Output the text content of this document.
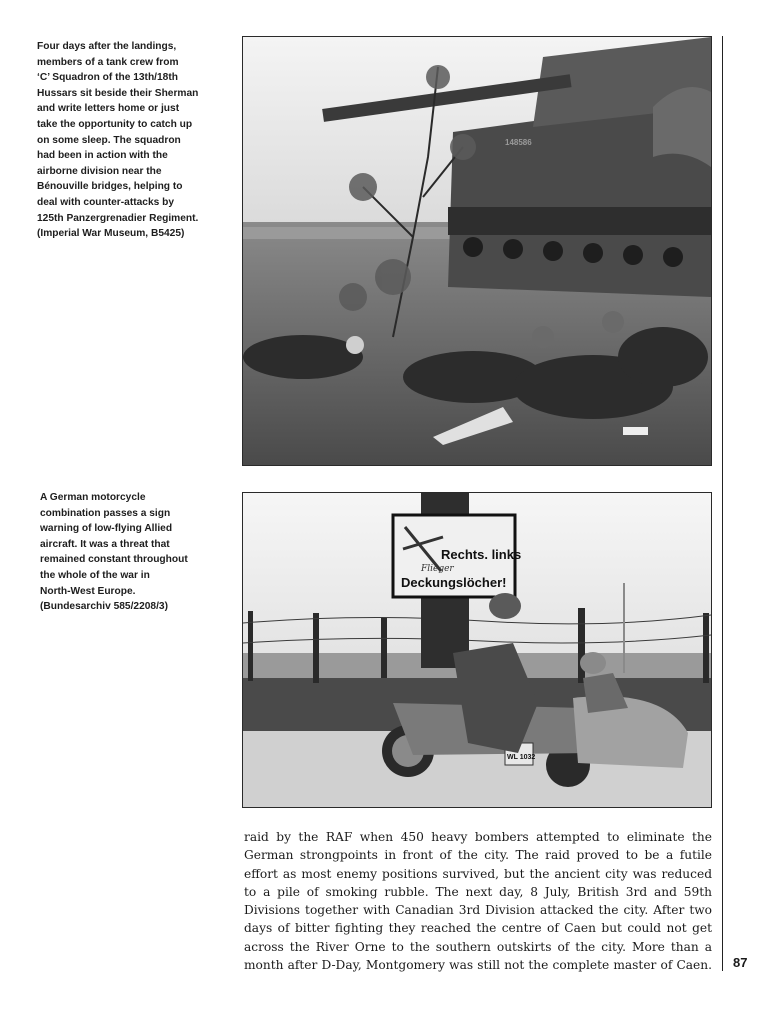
Four days after the landings,
members of a tank crew from
‘C’ Squadron of the 13th/18th
Hussars sit beside their Sherman
and write letters home or just
take the opportunity to catch up
on some sleep. The squadron
had been in action with the
airborne division near the
Bénouville bridges, helping to
deal with counter-attacks by
125th Panzergrenadier Regiment.
(Imperial War Museum, B5425)
148586
A German motorcycle
combination passes a sign
warning of low-flying Allied
aircraft. It was a threat that
remained constant throughout
the whole of the war in
North-West Europe.
(Bundesarchiv 585/2208/3)
Rechts. links
Flieger
Deckungslöcher!
WL 1032
raid by the RAF when 450 heavy bombers attempted to eliminate the German strongpoints in front of the city. The raid proved to be a futile effort as most enemy positions survived, but the ancient city was reduced to a pile of smoking rubble. The next day, 8 July, British 3rd and 59th Divisions together with Canadian 3rd Division attacked the city. After two days of bitter fighting they reached the centre of Caen but could not get across the River Orne to the southern outskirts of the city. More than a month after D-Day, Montgomery was still not the complete master of Caen. 87
